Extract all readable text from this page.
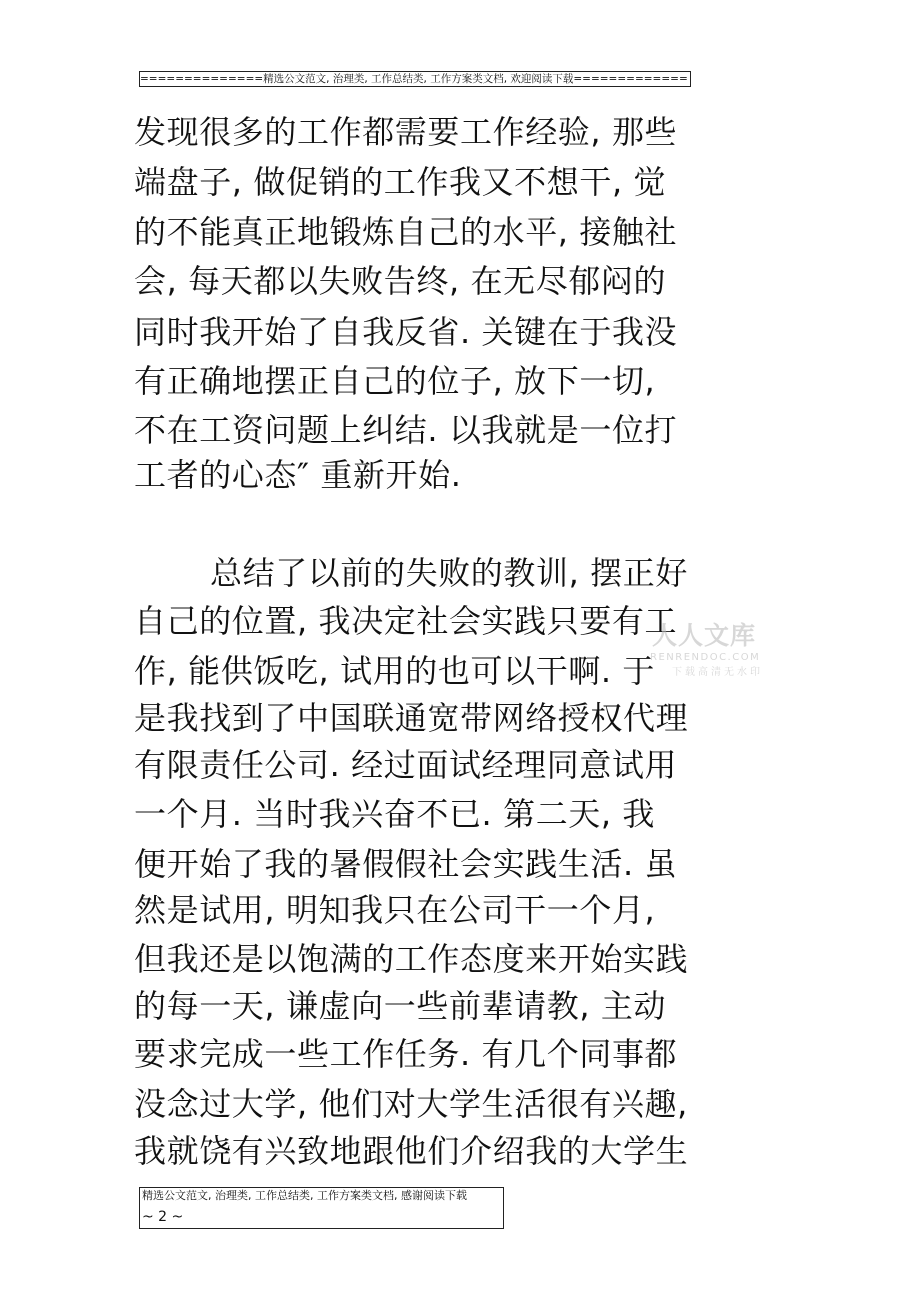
==============精选公文范文, 治理类, 工作总结类, 工作方案类文档, 欢迎阅读下载=============
发现很多的工作都需要工作经验, 那些
端盘子, 做促销的工作我又不想干, 觉
的不能真正地锻炼自己的水平, 接触社
会, 每天都以失败告终, 在无尽郁闷的
同时我开始了自我反省. 关键在于我没
有正确地摆正自己的位子, 放下一切,
不在工资问题上纠结. 以我就是一位打
工者的心态″ 重新开始.
总结了以前的失败的教训, 摆正好
自己的位置, 我决定社会实践只要有工
作, 能供饭吃, 试用的也可以干啊. 于
是我找到了中国联通宽带网络授权代理
有限责任公司. 经过面试经理同意试用
一个月. 当时我兴奋不已. 第二天, 我
便开始了我的暑假假社会实践生活. 虽
然是试用, 明知我只在公司干一个月,
但我还是以饱满的工作态度来开始实践
的每一天, 谦虚向一些前辈请教, 主动
要求完成一些工作任务. 有几个同事都
没念过大学, 他们对大学生活很有兴趣,
我就饶有兴致地跟他们介绍我的大学生
人人文库
RENRENDOC.COM
下载高清无水印
精选公文范文, 治理类, 工作总结类, 工作方案类文档, 感谢阅读下载
~ 2 ~
